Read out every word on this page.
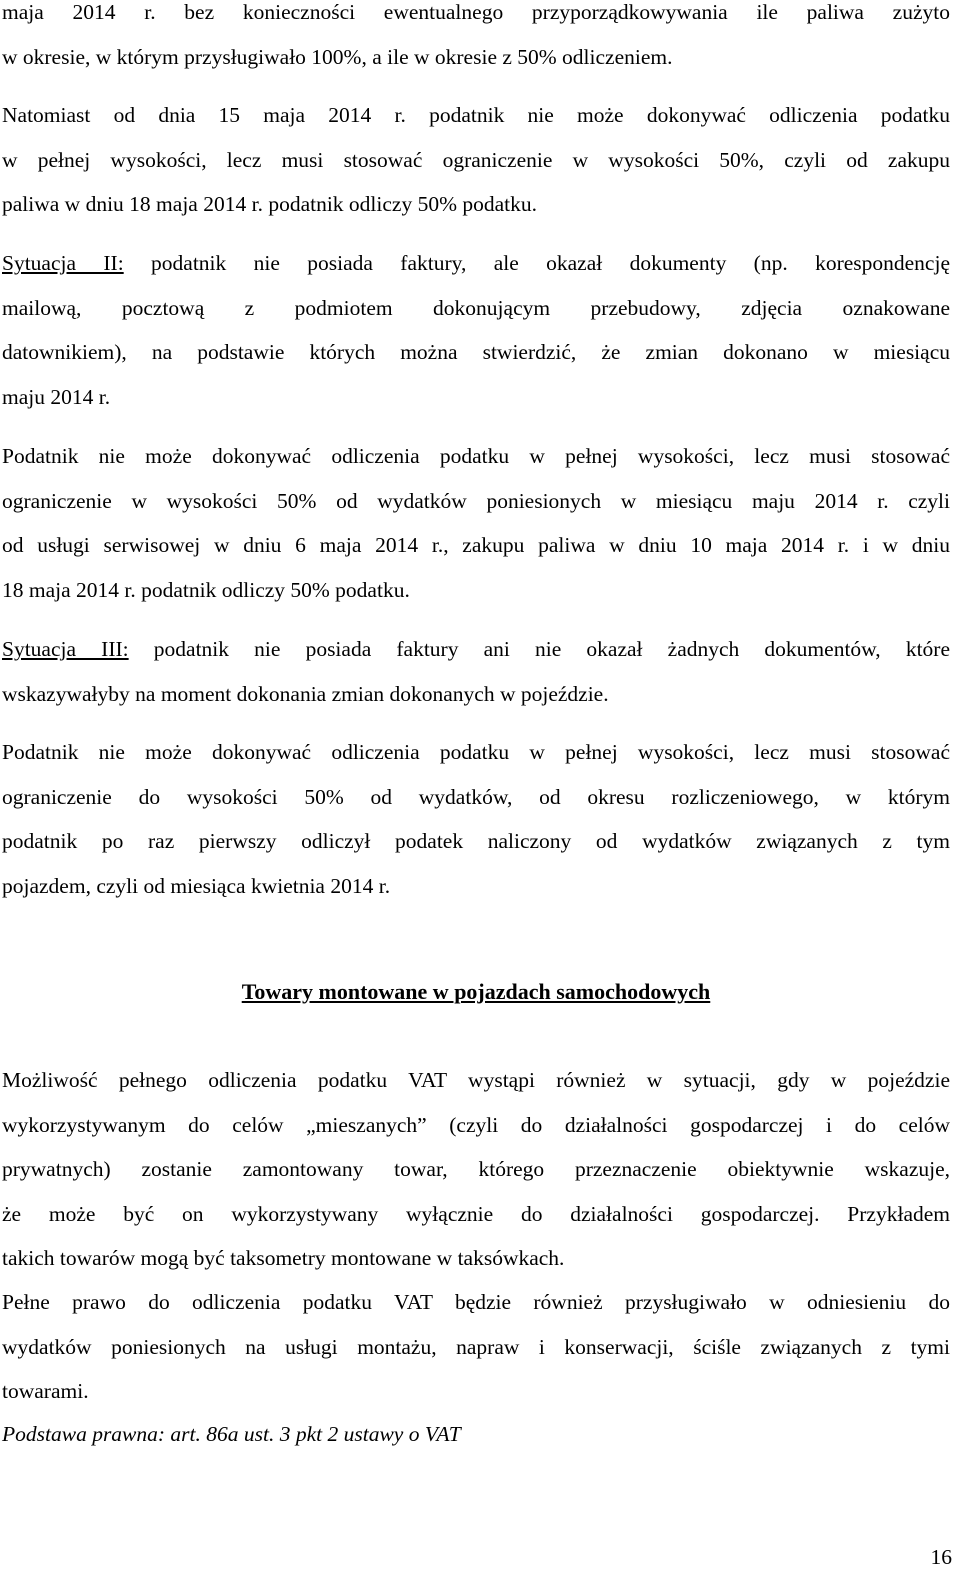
maja 2014 r. bez konieczności ewentualnego przyporządkowywania ile paliwa zużyto
w okresie, w którym przysługiwało 100%, a ile w okresie z 50% odliczeniem.
Natomiast od dnia 15 maja 2014 r. podatnik nie może dokonywać odliczenia podatku
w pełnej wysokości, lecz musi stosować ograniczenie w wysokości 50%, czyli od zakupu
paliwa w dniu 18 maja 2014 r. podatnik odliczy 50% podatku.
Sytuacja II: podatnik nie posiada faktury, ale okazał dokumenty (np. korespondencję
mailową, pocztową z podmiotem dokonującym przebudowy, zdjęcia oznakowane
datownikiem), na podstawie których można stwierdzić, że zmian dokonano w miesiącu
maju 2014 r.
Podatnik nie może dokonywać odliczenia podatku w pełnej wysokości, lecz musi stosować
ograniczenie w wysokości 50% od wydatków poniesionych w miesiącu maju 2014 r. czyli
od usługi serwisowej w dniu 6 maja 2014 r., zakupu paliwa w dniu 10 maja 2014 r. i w dniu
18 maja 2014 r. podatnik odliczy 50% podatku.
Sytuacja III: podatnik nie posiada faktury ani nie okazał żadnych dokumentów, które
wskazywałyby na moment dokonania zmian dokonanych w pojeździe.
Podatnik nie może dokonywać odliczenia podatku w pełnej wysokości, lecz musi stosować
ograniczenie do wysokości 50% od wydatków, od okresu rozliczeniowego, w którym
podatnik po raz pierwszy odliczył podatek naliczony od wydatków związanych z tym
pojazdem, czyli od miesiąca kwietnia 2014 r.
Towary montowane w pojazdach samochodowych
Możliwość pełnego odliczenia podatku VAT wystąpi również w sytuacji, gdy w pojeździe
wykorzystywanym do celów „mieszanych” (czyli do działalności gospodarczej i do celów
prywatnych) zostanie zamontowany towar, którego przeznaczenie obiektywnie wskazuje,
że może być on wykorzystywany wyłącznie do działalności gospodarczej. Przykładem
takich towarów mogą być taksometry montowane w taksówkach.
Pełne prawo do odliczenia podatku VAT będzie również przysługiwało w odniesieniu do
wydatków poniesionych na usługi montażu, napraw i konserwacji, ściśle związanych z tymi
towarami.
Podstawa prawna: art. 86a ust. 3 pkt 2 ustawy o VAT
16
